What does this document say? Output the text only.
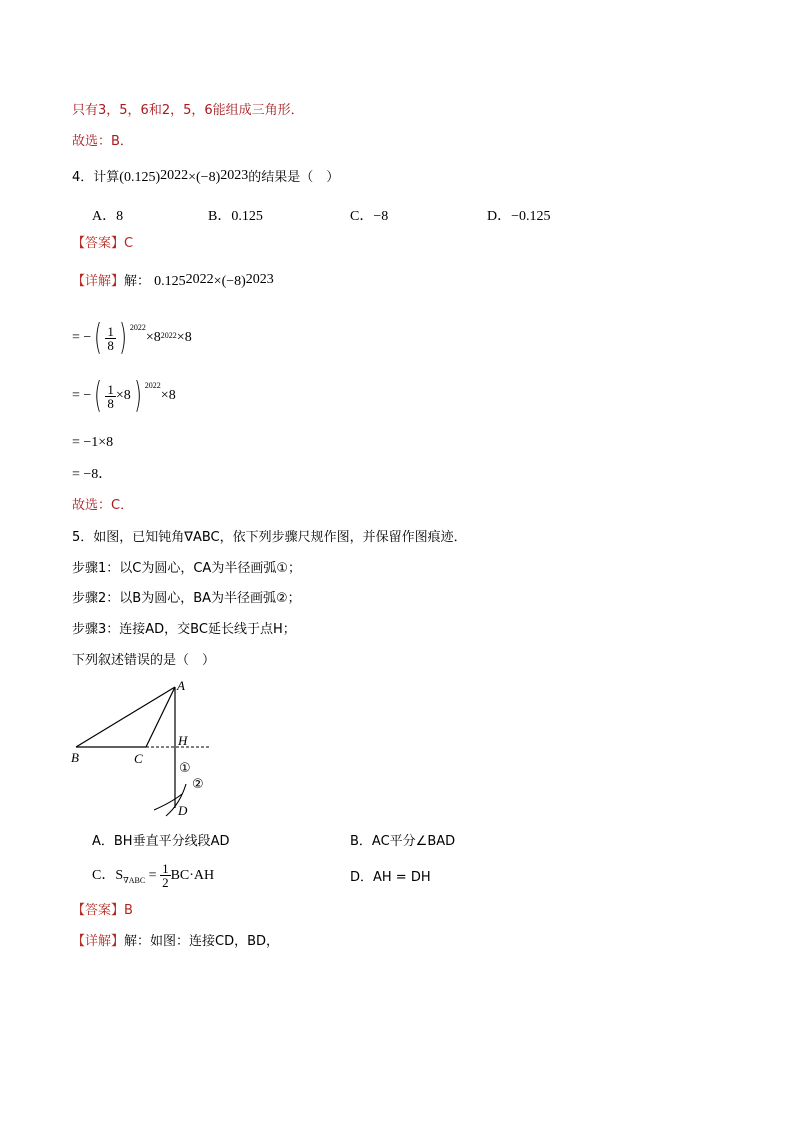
只有3，5，6和2，5，6能组成三角形．
故选：B．
4．计算$(0.125)^{2022}\times(-8)^{2023}$的结果是（　）
A．8	B．0.125	C．−8	D．−0.125
【答案】C
【详解】解： $0.125^{2022}\times(-8)^{2023}$
= −( $\frac{1}{8}$ ) $^{2022}\times 8^{2022}\times 8$
= −( $\frac{1}{8} \times 8$) $^{2022}$×8
= −1×8
= −8．
故选：C．
5．如图，已知钝角∇ABC，依下列步骤尺规作图，并保留作图痕迹．
步骤1：以C为圆心，CA为半径画弧①；
步骤2：以B为圆心，BA为半径画弧②；
步骤3：连接AD，交BC延长线于点H；
下列叙述错误的是（　）
A
B	C
H
D
①
②
A．BH垂直平分线段AD	B．AC平分∠BAD
C．$S_{\nabla ABC} = \frac{1}{2} BC\cdot AH$	D．AH = DH
【答案】B
【详解】解：如图：连接CD，BD，
